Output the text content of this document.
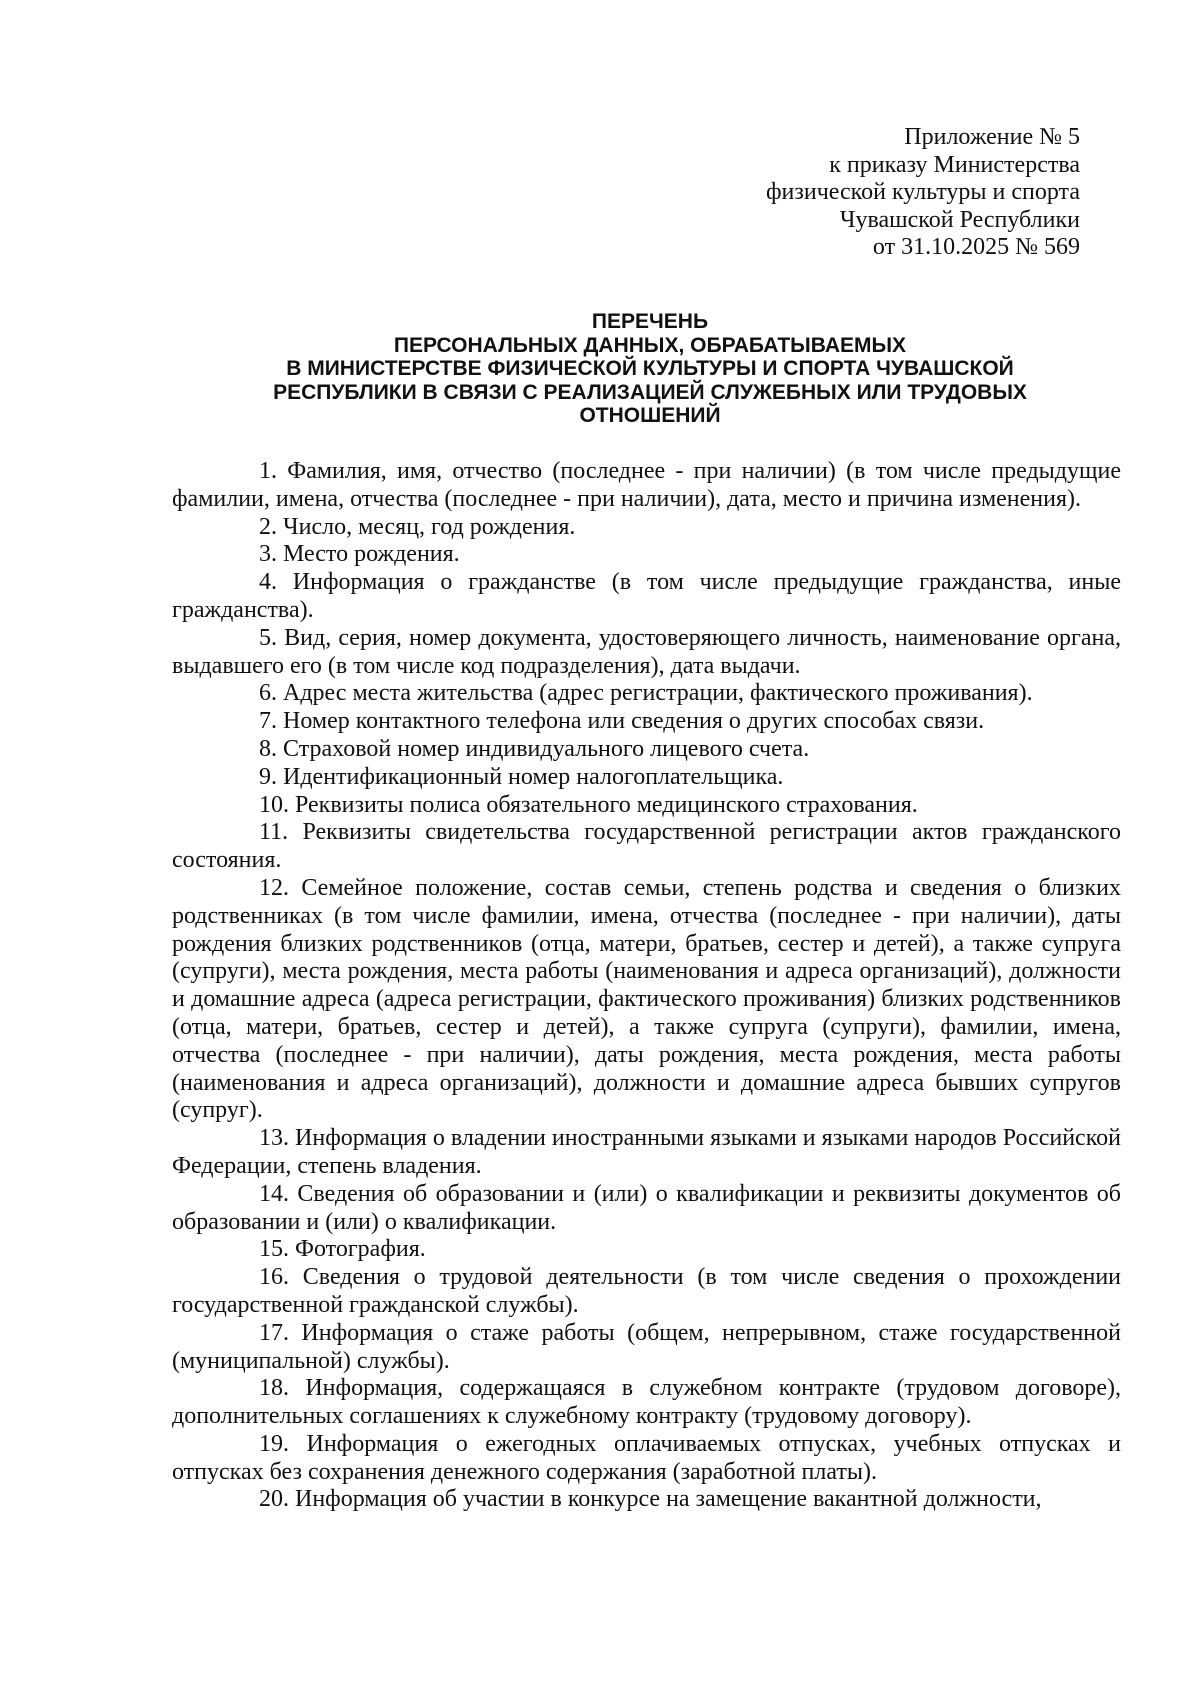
Приложение № 5
к приказу Министерства
физической культуры и спорта
Чувашской Республики
от 31.10.2025 № 569
ПЕРЕЧЕНЬ
ПЕРСОНАЛЬНЫХ ДАННЫХ, ОБРАБАТЫВАЕМЫХ
В МИНИСТЕРСТВЕ ФИЗИЧЕСКОЙ КУЛЬТУРЫ И СПОРТА ЧУВАШСКОЙ
РЕСПУБЛИКИ В СВЯЗИ С РЕАЛИЗАЦИЕЙ СЛУЖЕБНЫХ ИЛИ ТРУДОВЫХ
ОТНОШЕНИЙ

1. Фамилия, имя, отчество (последнее - при наличии) (в том числе предыдущие фамилии, имена, отчества (последнее - при наличии), дата, место и причина изменения).

2. Число, месяц, год рождения.

3. Место рождения.

4. Информация о гражданстве (в том числе предыдущие гражданства, иные гражданства).

5. Вид, серия, номер документа, удостоверяющего личность, наименование органа, выдавшего его (в том числе код подразделения), дата выдачи.

6. Адрес места жительства (адрес регистрации, фактического проживания).

7. Номер контактного телефона или сведения о других способах связи.

8. Страховой номер индивидуального лицевого счета.

9. Идентификационный номер налогоплательщика.

10. Реквизиты полиса обязательного медицинского страхования.

11. Реквизиты свидетельства государственной регистрации актов гражданского состояния.

12. Семейное положение, состав семьи, степень родства и сведения о близких родственниках (в том числе фамилии, имена, отчества (последнее - при наличии), даты рождения близких родственников (отца, матери, братьев, сестер и детей), а также супруга (супруги), места рождения, места работы (наименования и адреса организаций), должности и домашние адреса (адреса регистрации, фактического проживания) близких родственников (отца, матери, братьев, сестер и детей), а также супруга (супруги), фамилии, имена, отчества (последнее - при наличии), даты рождения, места рождения, места работы (наименования и адреса организаций), должности и домашние адреса бывших супругов (супруг).

13. Информация о владении иностранными языками и языками народов Российской Федерации, степень владения.

14. Сведения об образовании и (или) о квалификации и реквизиты документов об образовании и (или) о квалификации.

15. Фотография.

16. Сведения о трудовой деятельности (в том числе сведения о прохождении государственной гражданской службы).

17. Информация о стаже работы (общем, непрерывном, стаже государственной (муниципальной) службы).

18. Информация, содержащаяся в служебном контракте (трудовом договоре), дополнительных соглашениях к служебному контракту (трудовому договору).

19. Информация о ежегодных оплачиваемых отпусках, учебных отпусках и отпусках без сохранения денежного содержания (заработной платы).

20. Информация об участии в конкурсе на замещение вакантной должности,
